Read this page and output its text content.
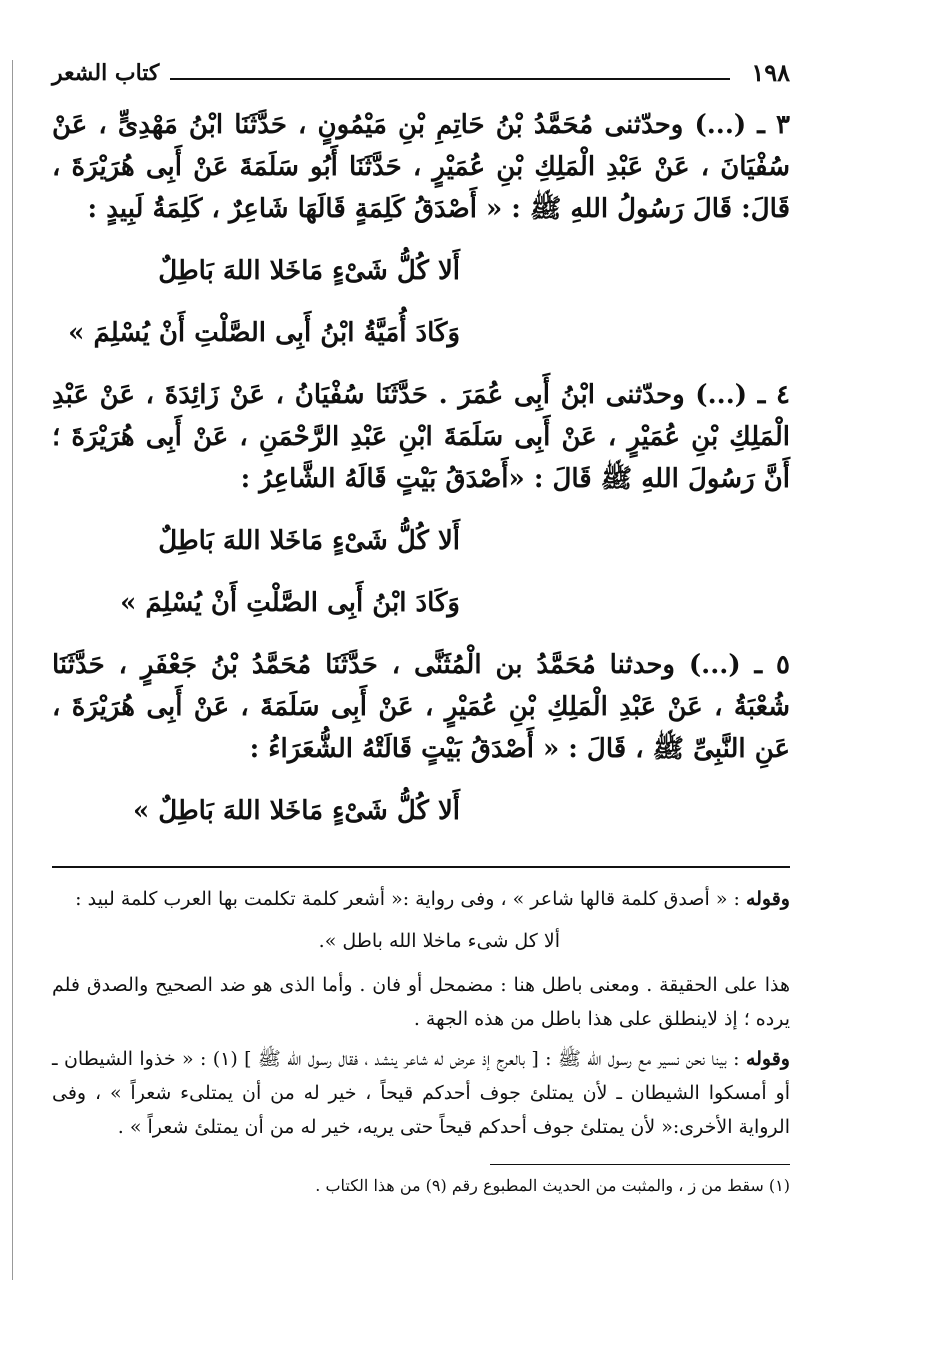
١٩٨
كتاب الشعر

٣ ـ (...) وحدّثنى مُحَمَّدُ بْنُ حَاتِمِ بْنِ مَيْمُونٍ ، حَدَّثَنَا ابْنُ مَهْدِىٍّ ، عَنْ سُفْيَانَ ، عَنْ عَبْدِ الْمَلِكِ بْنِ عُمَيْرٍ ، حَدَّثَنَا أَبُو سَلَمَةَ عَنْ أَبِى هُرَيْرَةَ ، قَالَ: قَالَ رَسُولُ اللهِ ﷺ : « أَصْدَقُ كَلِمَةٍ قَالَهَا شَاعِرٌ ، كَلِمَةُ لَبِيدٍ :

أَلا كُلُّ شَىْءٍ مَاخَلا اللهَ بَاطِلٌ
وَكَادَ أُمَيَّةُ ابْنُ أَبِى الصَّلْتِ أَنْ يُسْلِمَ »

٤ ـ (...) وحدّثنى ابْنُ أَبِى عُمَرَ . حَدَّثَنَا سُفْيَانُ ، عَنْ زَائِدَةَ ، عَنْ عَبْدِ الْمَلِكِ بْنِ عُمَيْرٍ ، عَنْ أَبِى سَلَمَةَ ابْنِ عَبْدِ الرَّحْمَنِ ، عَنْ أَبِى هُرَيْرَةَ ؛ أَنَّ رَسُولَ اللهِ ﷺ قَالَ : «أَصْدَقُ بَيْتٍ قَالَهُ الشَّاعِرُ :

أَلا كُلُّ شَىْءٍ مَاخَلا اللهَ بَاطِلٌ
وَكَادَ ابْنُ أَبِى الصَّلْتِ أَنْ يُسْلِمَ »

٥ ـ (...) وحدثنا مُحَمَّدُ بن الْمُثَنَّى ، حَدَّثَنَا مُحَمَّدُ بْنُ جَعْفَرٍ ، حَدَّثَنَا شُعْبَةُ ، عَنْ عَبْدِ الْمَلِكِ بْنِ عُمَيْرٍ ، عَنْ أَبِى سَلَمَةَ ، عَنْ أَبِى هُرَيْرَةَ ، عَنِ النَّبِىِّ ﷺ ، قَالَ : « أَصْدَقُ بَيْتٍ قَالَتْهُ الشُّعَرَاءُ :

أَلا كُلُّ شَىْءٍ مَاخَلا اللهَ بَاطِلٌ »

وقوله : « أصدق كلمة قالها شاعر » ، وفى رواية :« أشعر كلمة تكلمت بها العرب كلمة لبيد :

ألا كل شىء ماخلا الله باطل ».

هذا على الحقيقة . ومعنى باطل هنا : مضمحل أو فان . وأما الذى هو ضد الصحيح والصدق فلم يرده ؛ إذ لاينطلق على هذا باطل من هذه الجهة .

وقوله : بينا نحن نسير مع رسول الله ﷺ : [ بالعرج إذ عرض له شاعر ينشد ، فقال رسول الله ﷺ ] (١) : « خذوا الشيطان ـ أو أمسكوا الشيطان ـ لأن يمتلئ جوف أحدكم قيحاً ، خير له من أن يمتلىء شعراً » ، وفى الرواية الأخرى:« لأن يمتلئ جوف أحدكم قيحاً حتى يريه، خير له من أن يمتلئ شعراً » .

(١) سقط من ز ، والمثبت من الحديث المطبوع رقم (٩) من هذا الكتاب .
